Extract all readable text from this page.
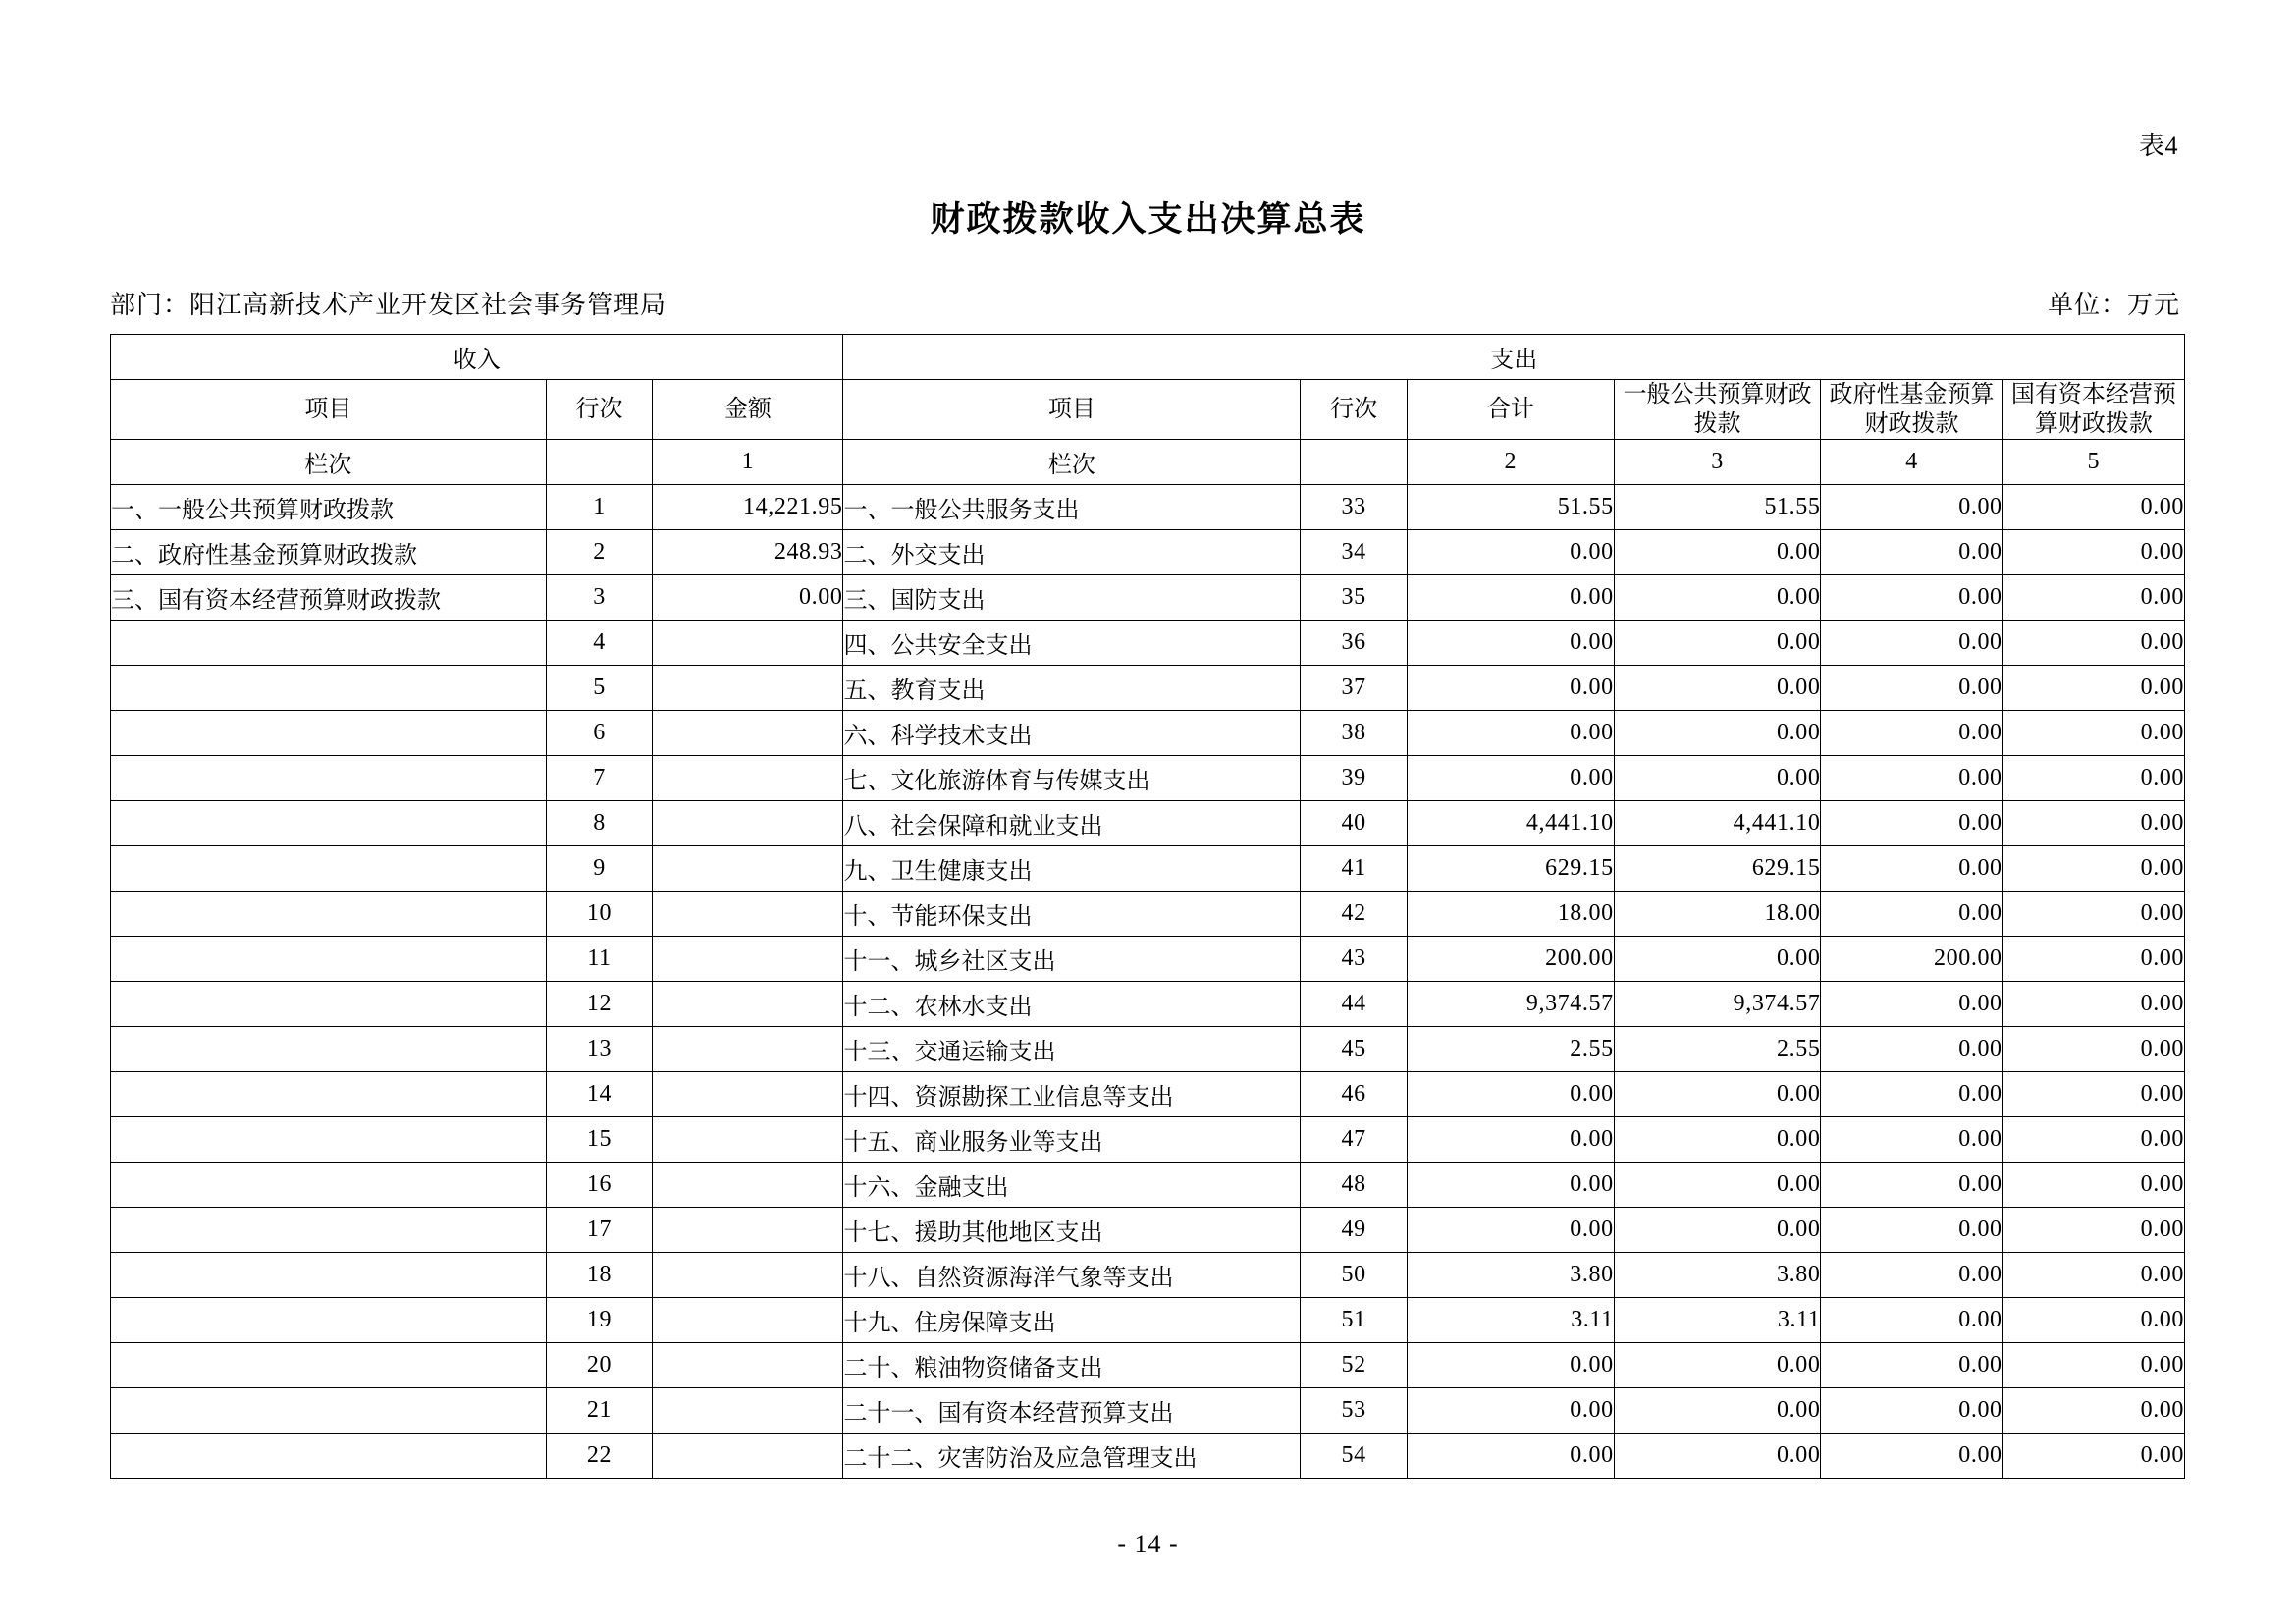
表4
财政拨款收入支出决算总表
部门：阳江高新技术产业开发区社会事务管理局	单位：万元
收入			支出					
项目	行次	金额	项目	行次	合计	一般公共预算财政拨款	政府性基金预算财政拨款	国有资本经营预算财政拨款
栏次		1	栏次		2	3	4	5
一、一般公共预算财政拨款	1	14,221.95	一、一般公共服务支出	33	51.55	51.55	0.00	0.00
二、政府性基金预算财政拨款	2	248.93	二、外交支出	34	0.00	0.00	0.00	0.00
三、国有资本经营预算财政拨款	3	0.00	三、国防支出	35	0.00	0.00	0.00	0.00
	4		四、公共安全支出	36	0.00	0.00	0.00	0.00
	5		五、教育支出	37	0.00	0.00	0.00	0.00
	6		六、科学技术支出	38	0.00	0.00	0.00	0.00
	7		七、文化旅游体育与传媒支出	39	0.00	0.00	0.00	0.00
	8		八、社会保障和就业支出	40	4,441.10	4,441.10	0.00	0.00
	9		九、卫生健康支出	41	629.15	629.15	0.00	0.00
	10		十、节能环保支出	42	18.00	18.00	0.00	0.00
	11		十一、城乡社区支出	43	200.00	0.00	200.00	0.00
	12		十二、农林水支出	44	9,374.57	9,374.57	0.00	0.00
	13		十三、交通运输支出	45	2.55	2.55	0.00	0.00
	14		十四、资源勘探工业信息等支出	46	0.00	0.00	0.00	0.00
	15		十五、商业服务业等支出	47	0.00	0.00	0.00	0.00
	16		十六、金融支出	48	0.00	0.00	0.00	0.00
	17		十七、援助其他地区支出	49	0.00	0.00	0.00	0.00
	18		十八、自然资源海洋气象等支出	50	3.80	3.80	0.00	0.00
	19		十九、住房保障支出	51	3.11	3.11	0.00	0.00
	20		二十、粮油物资储备支出	52	0.00	0.00	0.00	0.00
	21		二十一、国有资本经营预算支出	53	0.00	0.00	0.00	0.00
	22		二十二、灾害防治及应急管理支出	54	0.00	0.00	0.00	0.00
- 14 -
